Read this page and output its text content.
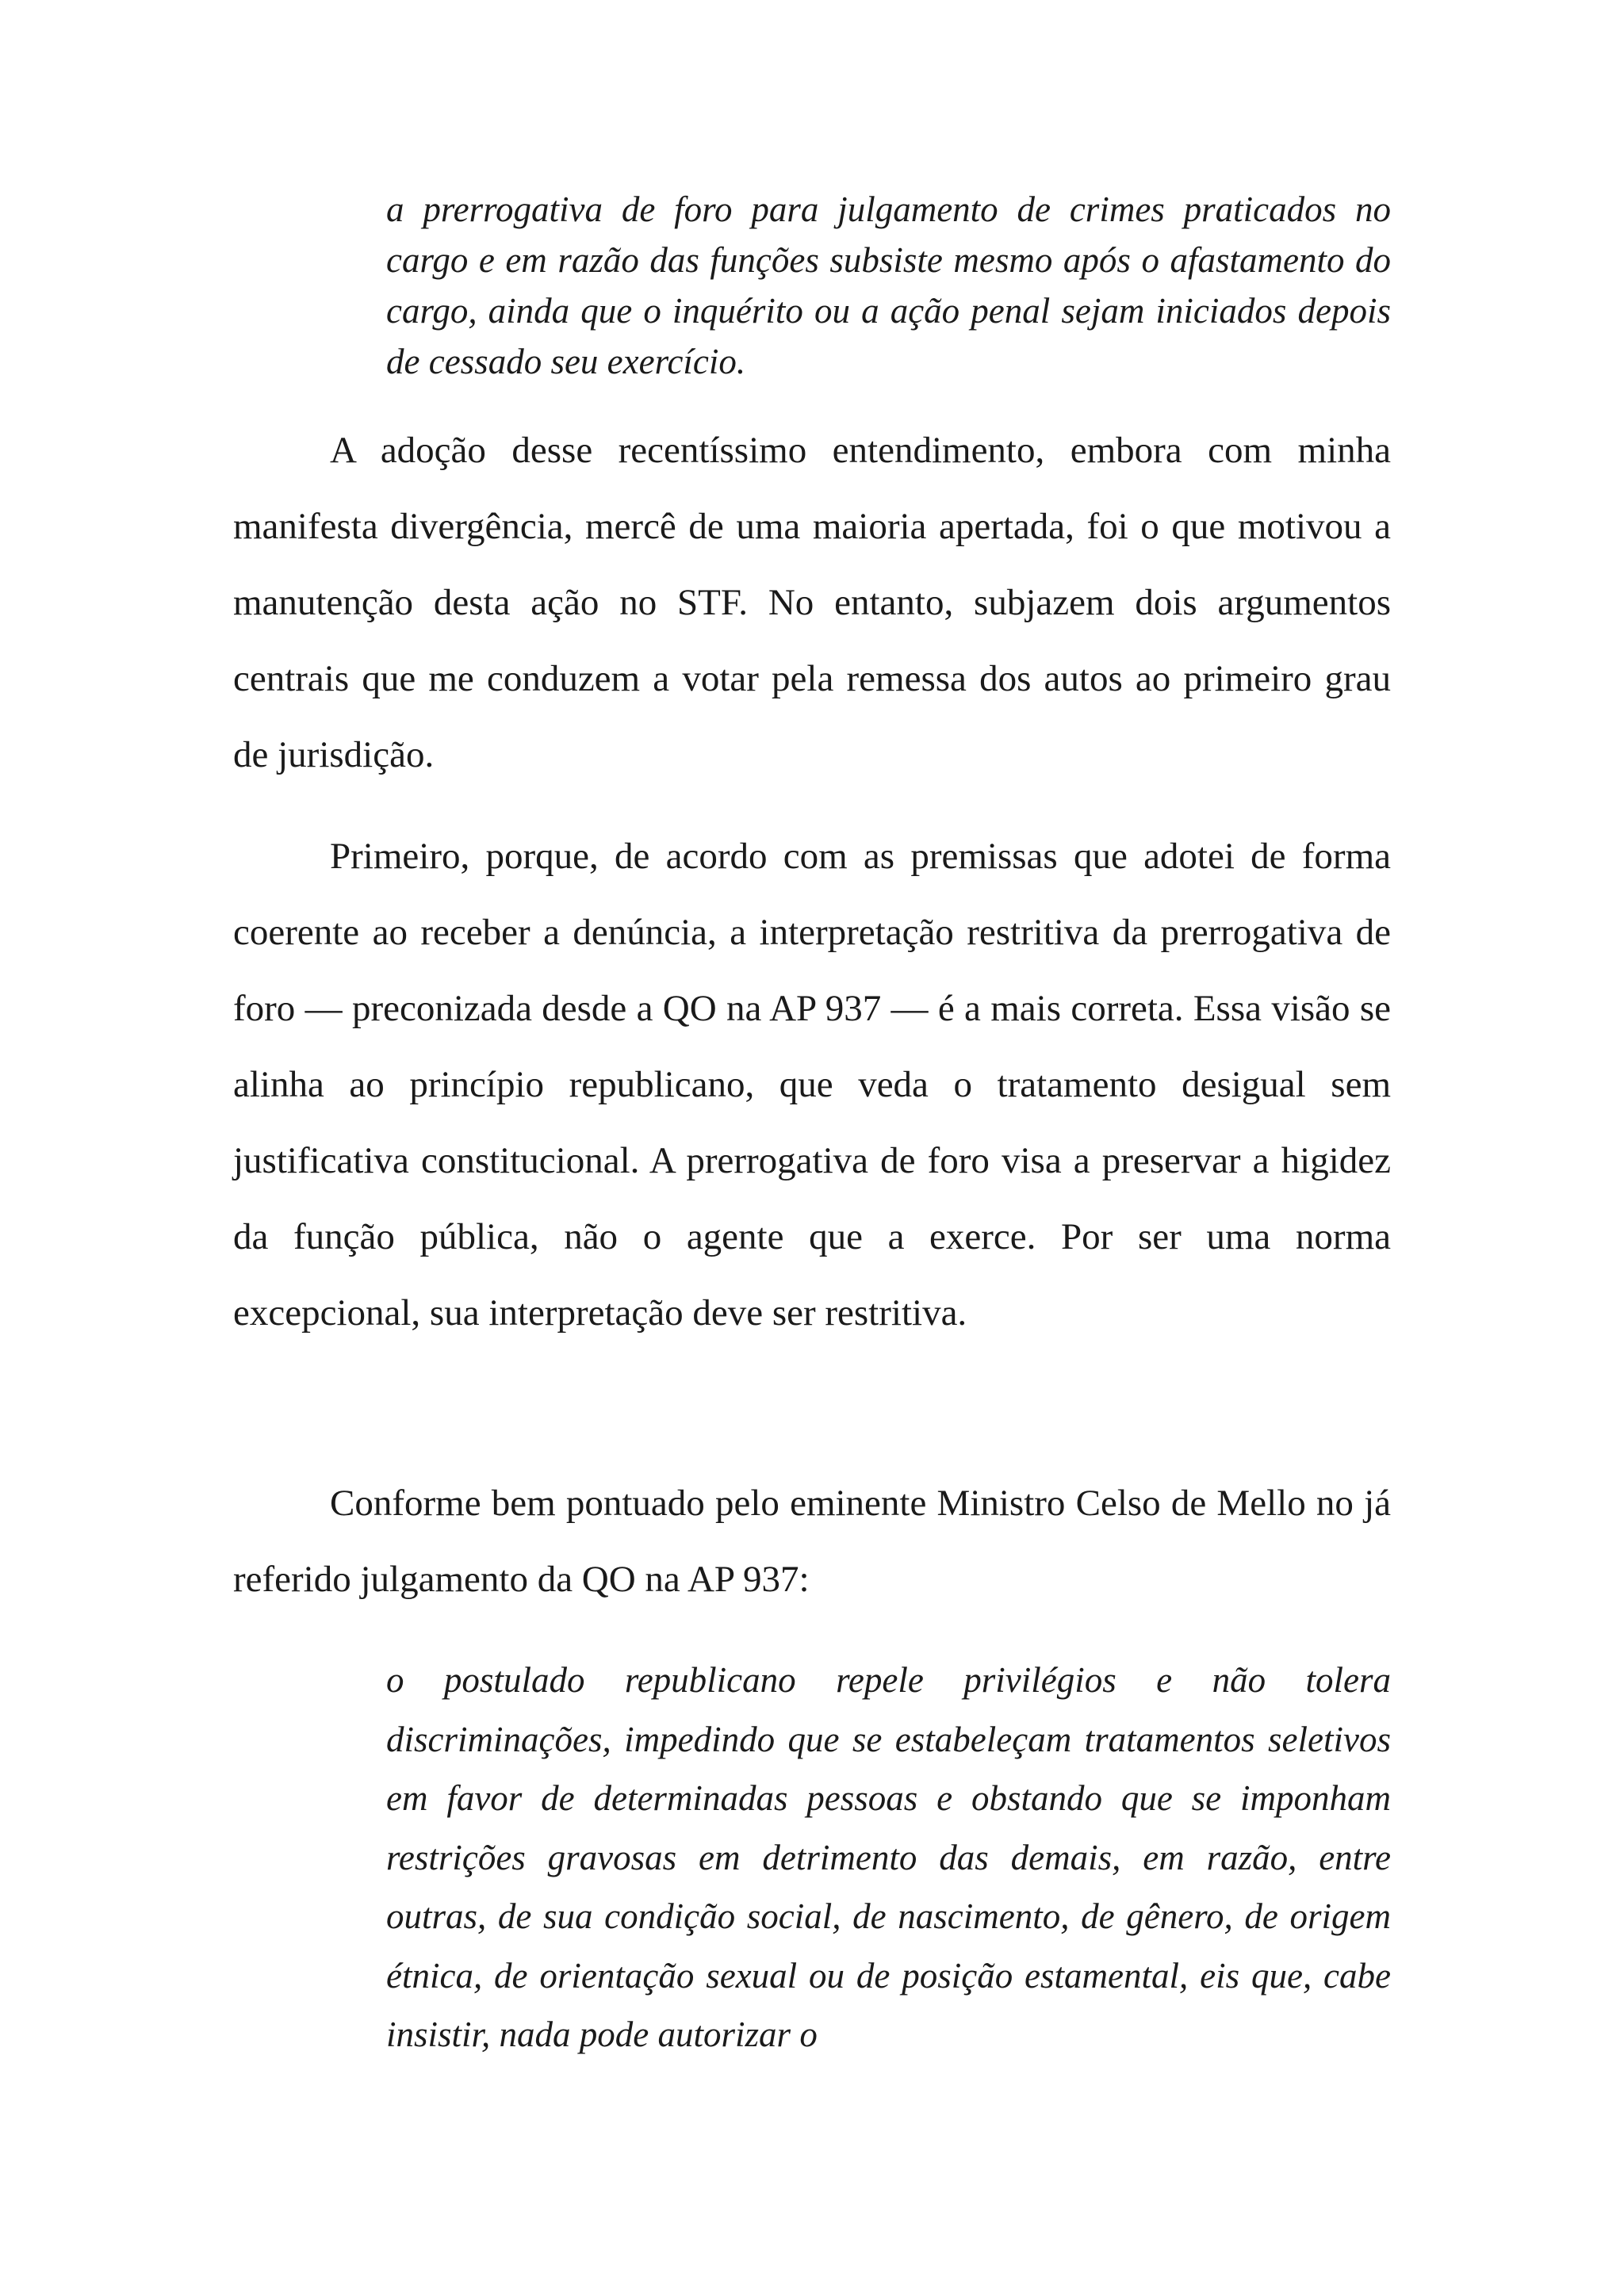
a prerrogativa de foro para julgamento de crimes praticados no cargo e em razão das funções subsiste mesmo após o afastamento do cargo, ainda que o inquérito ou a ação penal sejam iniciados depois de cessado seu exercício.

A adoção desse recentíssimo entendimento, embora com minha manifesta divergência, mercê de uma maioria apertada, foi o que motivou a manutenção desta ação no STF. No entanto, subjazem dois argumentos centrais que me conduzem a votar pela remessa dos autos ao primeiro grau de jurisdição.

Primeiro, porque, de acordo com as premissas que adotei de forma coerente ao receber a denúncia, a interpretação restritiva da prerrogativa de foro — preconizada desde a QO na AP 937 — é a mais correta. Essa visão se alinha ao princípio republicano, que veda o tratamento desigual sem justificativa constitucional. A prerrogativa de foro visa a preservar a higidez da função pública, não o agente que a exerce. Por ser uma norma excepcional, sua interpretação deve ser restritiva.

Conforme bem pontuado pelo eminente Ministro Celso de Mello no já referido julgamento da QO na AP 937:

o postulado republicano repele privilégios e não tolera discriminações, impedindo que se estabeleçam tratamentos seletivos em favor de determinadas pessoas e obstando que se imponham restrições gravosas em detrimento das demais, em razão, entre outras, de sua condição social, de nascimento, de gênero, de origem étnica, de orientação sexual ou de posição estamental, eis que, cabe insistir, nada pode autorizar o
